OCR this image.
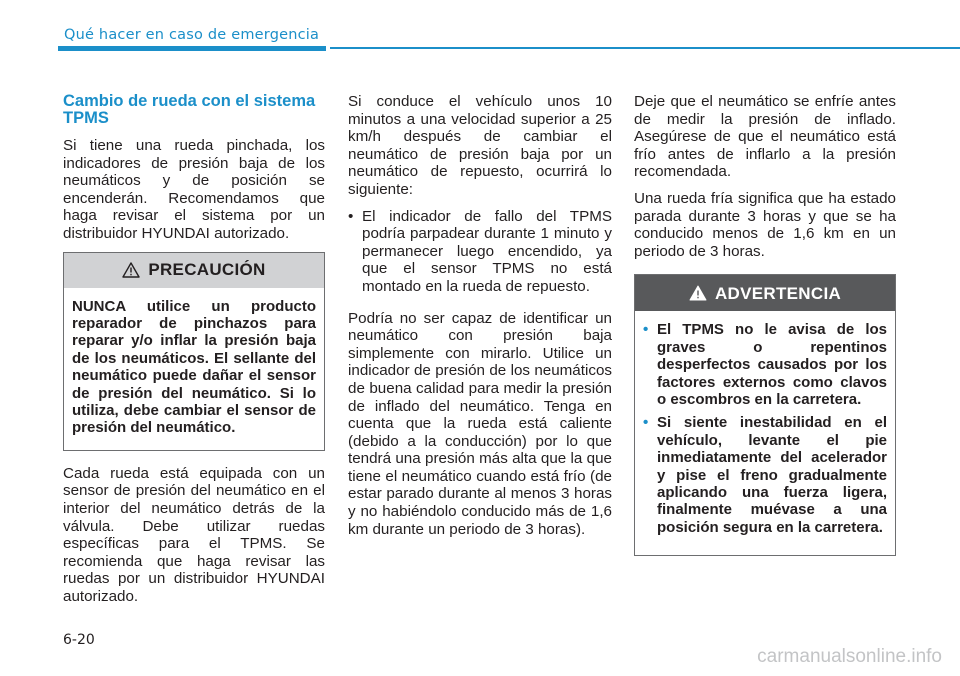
Qué hacer en caso de emergencia
Cambio de rueda con el sistema TPMS

Si tiene una rueda pinchada, los indicadores de presión baja de los neumáticos y de posición se encenderán. Recomendamos que haga revisar el sistema por un distribuidor HYUNDAI autorizado.

PRECAUCIÓN

NUNCA utilice un producto reparador de pinchazos para reparar y/o inflar la presión baja de los neumáticos. El sellante del neumático puede dañar el sensor de presión del neumático. Si lo utiliza, debe cambiar el sensor de presión del neumático.

Cada rueda está equipada con un sensor de presión del neumático en el interior del neumático detrás de la válvula. Debe utilizar ruedas específicas para el TPMS. Se recomienda que haga revisar las ruedas por un distribuidor HYUNDAI autorizado.

Si conduce el vehículo unos 10 minutos a una velocidad superior a 25 km/h después de cambiar el neumático de presión baja por un neumático de repuesto, ocurrirá lo siguiente:

• El indicador de fallo del TPMS podría parpadear durante 1 minuto y permanecer luego encendido, ya que el sensor TPMS no está montado en la rueda de repuesto.

Podría no ser capaz de identificar un neumático con presión baja simplemente con mirarlo. Utilice un indicador de presión de los neumáticos de buena calidad para medir la presión de inflado del neumático. Tenga en cuenta que la rueda está caliente (debido a la conducción) por lo que tendrá una presión más alta que la que tiene el neumático cuando está frío (de estar parado durante al menos 3 horas y no habiéndolo conducido más de 1,6 km durante un periodo de 3 horas).

Deje que el neumático se enfríe antes de medir la presión de inflado. Asegúrese de que el neumático está frío antes de inflarlo a la presión recomendada.

Una rueda fría significa que ha estado parada durante 3 horas y que se ha conducido menos de 1,6 km en un periodo de 3 horas.

ADVERTENCIA
• El TPMS no le avisa de los graves o repentinos desperfectos causados por los factores externos como clavos o escombros en la carretera.
• Si siente inestabilidad en el vehículo, levante el pie inmediatamente del acelerador y pise el freno gradualmente aplicando una fuerza ligera, finalmente muévase a una posición segura en la carretera.
6-20
carmanualsonline.info
